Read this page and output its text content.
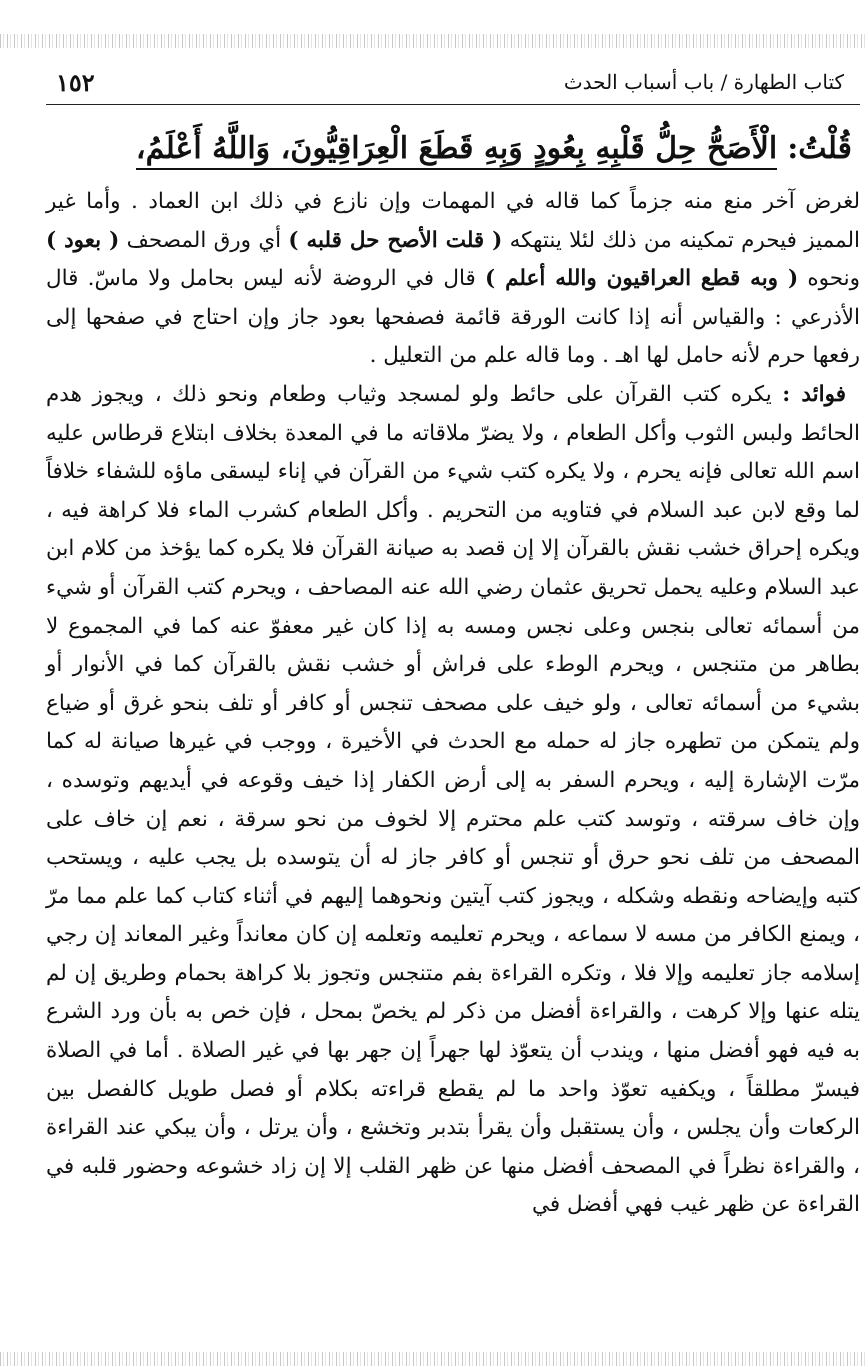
كتاب الطهارة / باب أسباب الحدث
١٥٢
قُلْتُ:الْأَصَحُّ حِلُّ قَلْبِهِ بِعُودٍ وَبِهِ قَطَعَ الْعِرَاقِيُّونَ، وَاللَّهُ أَعْلَمُ،

لغرض آخر منع منه جزماً كما قاله في المهمات وإن نازع في ذلك ابن العماد . وأما غير المميز فيحرم تمكينه من ذلك لئلا ينتهكه ( قلت الأصح حل قلبه ) أي ورق المصحف ( بعود ) ونحوه ( وبه قطع العراقيون والله أعلم ) قال في الروضة لأنه ليس بحامل ولا ماسّ. قال الأذرعي : والقياس أنه إذا كانت الورقة قائمة فصفحها بعود جاز وإن احتاج في صفحها إلى رفعها حرم لأنه حامل لها اهـ . وما قاله علم من التعليل .

فوائد : يكره كتب القرآن على حائط ولو لمسجد وثياب وطعام ونحو ذلك ، ويجوز هدم الحائط ولبس الثوب وأكل الطعام ، ولا يضرّ ملاقاته ما في المعدة بخلاف ابتلاع قرطاس عليه اسم الله تعالى فإنه يحرم ، ولا يكره كتب شيء من القرآن في إناء ليسقى ماؤه للشفاء خلافاً لما وقع لابن عبد السلام في فتاويه من التحريم . وأكل الطعام كشرب الماء فلا كراهة فيه ، ويكره إحراق خشب نقش بالقرآن إلا إن قصد به صيانة القرآن فلا يكره كما يؤخذ من كلام ابن عبد السلام وعليه يحمل تحريق عثمان رضي الله عنه المصاحف ، ويحرم كتب القرآن أو شيء من أسمائه تعالى بنجس وعلى نجس ومسه به إذا كان غير معفوّ عنه كما في المجموع لا بطاهر من متنجس ، ويحرم الوطء على فراش أو خشب نقش بالقرآن كما في الأنوار أو بشيء من أسمائه تعالى ، ولو خيف على مصحف تنجس أو كافر أو تلف بنحو غرق أو ضياع ولم يتمكن من تطهره جاز له حمله مع الحدث في الأخيرة ، ووجب في غيرها صيانة له كما مرّت الإشارة إليه ، ويحرم السفر به إلى أرض الكفار إذا خيف وقوعه في أيديهم وتوسده ، وإن خاف سرقته ، وتوسد كتب علم محترم إلا لخوف من نحو سرقة ، نعم إن خاف على المصحف من تلف نحو حرق أو تنجس أو كافر جاز له أن يتوسده بل يجب عليه ، ويستحب كتبه وإيضاحه ونقطه وشكله ، ويجوز كتب آيتين ونحوهما إليهم في أثناء كتاب كما علم مما مرّ ، ويمنع الكافر من مسه لا سماعه ، ويحرم تعليمه وتعلمه إن كان معانداً وغير المعاند إن رجي إسلامه جاز تعليمه وإلا فلا ، وتكره القراءة بفم متنجس وتجوز بلا كراهة بحمام وطريق إن لم يتله عنها وإلا كرهت ، والقراءة أفضل من ذكر لم يخصّ بمحل ، فإن خص به بأن ورد الشرع به فيه فهو أفضل منها ، ويندب أن يتعوّذ لها جهراً إن جهر بها في غير الصلاة . أما في الصلاة فيسرّ مطلقاً ، ويكفيه تعوّذ واحد ما لم يقطع قراءته بكلام أو فصل طويل كالفصل بين الركعات وأن يجلس ، وأن يستقبل وأن يقرأ بتدبر وتخشع ، وأن يرتل ، وأن يبكي عند القراءة ، والقراءة نظراً في المصحف أفضل منها عن ظهر القلب إلا إن زاد خشوعه وحضور قلبه في القراءة عن ظهر غيب فهي أفضل في
